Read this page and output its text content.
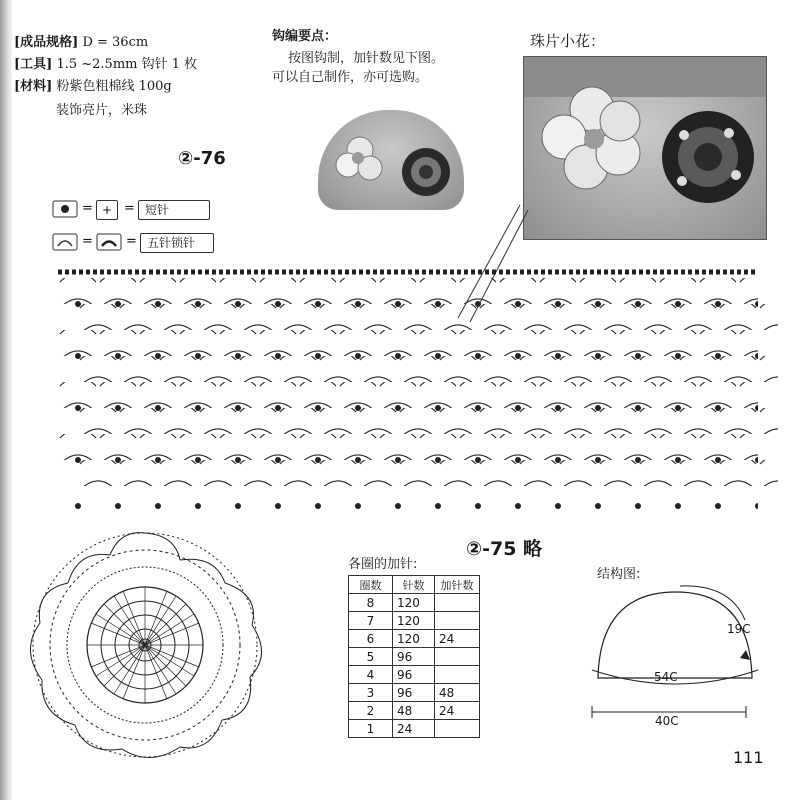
[成品规格] D = 36cm
[工具] 1.5 ~2.5mm 钩针 1 枚
[材料] 粉紫色粗棉线 100g
装饰亮片，米珠
钩编要点：
按图钩制，加针数见下图。
可以自己制作，亦可选购。
珠片小花：
②-76
= + = 短针
=	= 五针锁针
②-75 略
各圈的加针:
圈数	针数	加针数
8	120	
7	120	
6	120	24
5	96	
4	96	
3	96	48
2	48	24
1	24	
结构图:
19C
54C
40C
111
